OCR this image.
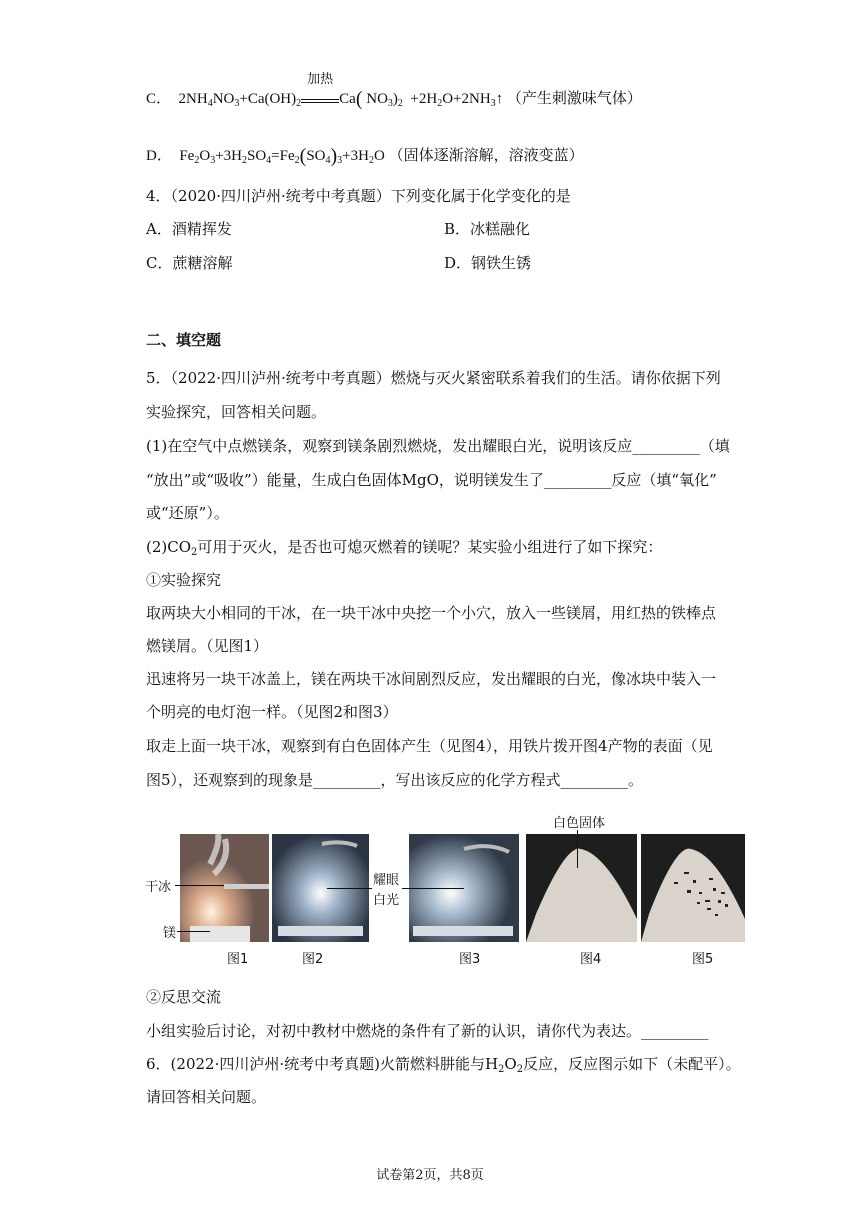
C．  $2NH_4NO_3+Ca(OH)_2$
加热
Ca( $NO_3)_2$  $+2H_2O+2NH_3↑$ （产生刺激味气体）
D．  $Fe_2O_3+3H_2SO_4=Fe_2(SO_4)_3+3H_2O$ （固体逐渐溶解，溶液变蓝）
4．（2020·四川泸州·统考中考真题）下列变化属于化学变化的是
A．酒精挥发	B．冰糕融化
C．蔗糖溶解	D．钢铁生锈
二、填空题
5．（2022·四川泸州·统考中考真题）燃烧与灭火紧密联系着我们的生活。请你依据下列
实验探究，回答相关问题。
(1)在空气中点燃镁条，观察到镁条剧烈燃烧，发出耀眼白光，说明该反应_________（填
“放出”或“吸收”）能量，生成白色固体MgO，说明镁发生了_________反应（填“氧化”
或“还原”）。
$(2)CO_2$可用于灭火，是否也可熄灭燃着的镁呢？某实验小组进行了如下探究：
①实验探究
取两块大小相同的干冰，在一块干冰中央挖一个小穴，放入一些镁屑，用红热的铁棒点
燃镁屑。（见图1）
迅速将另一块干冰盖上，镁在两块干冰间剧烈反应，发出耀眼的白光，像冰块中装入一
个明亮的电灯泡一样。（见图2和图3）
取走上面一块干冰，观察到有白色固体产生（见图4），用铁片拨开图4产物的表面（见
图5），还观察到的现象是_________，写出该反应的化学方程式_________。
干冰
镁
耀眼
白光
白色固体
图1	图2	图3	图4	图5
②反思交流
小组实验后讨论，对初中教材中燃烧的条件有了新的认识，请你代为表达。_________
6．(2022·四川泸州·统考中考真题)火箭燃料肼能与$H_2O_2$反应，反应图示如下（未配平）。
请回答相关问题。
试卷第2页，共8页
